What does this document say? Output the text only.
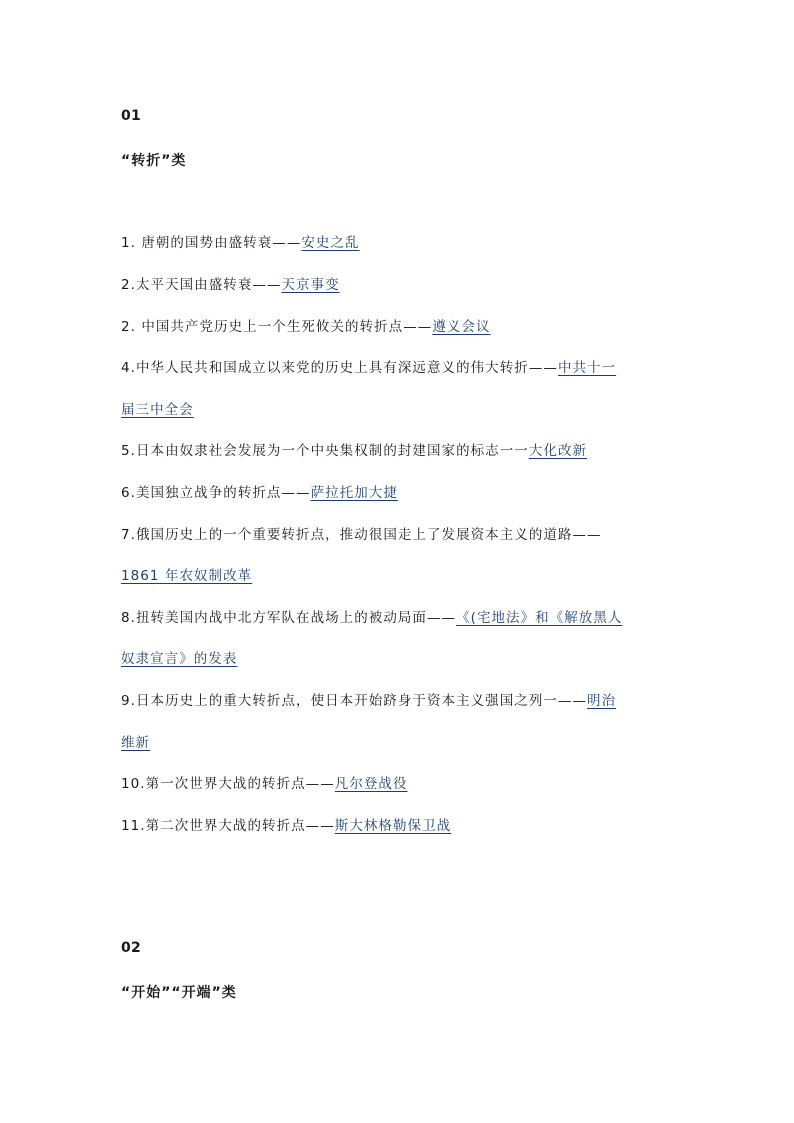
01
“转折”类
1. 唐朝的国势由盛转衰——安史之乱
2.太平天国由盛转衰——天京事变
2. 中国共产党历史上一个生死攸关的转折点——遵义会议
4.中华人民共和国成立以来党的历史上具有深远意义的伟大转折——中共十一
届三中全会
5.日本由奴隶社会发展为一个中央集权制的封建国家的标志一一大化改新
6.美国独立战争的转折点——萨拉托加大捷
7.俄国历史上的一个重要转折点，推动很国走上了发展资本主义的道路——
1861 年农奴制改革
8.扭转美国内战中北方军队在战场上的被动局面——《(宅地法》和《解放黑人
奴隶宣言》的发表
9.日本历史上的重大转折点，使日本开始跻身于资本主义强国之列一——明治
维新
10.第一次世界大战的转折点——凡尔登战役
11.第二次世界大战的转折点——斯大林格勒保卫战
02
“开始”“开端”类
